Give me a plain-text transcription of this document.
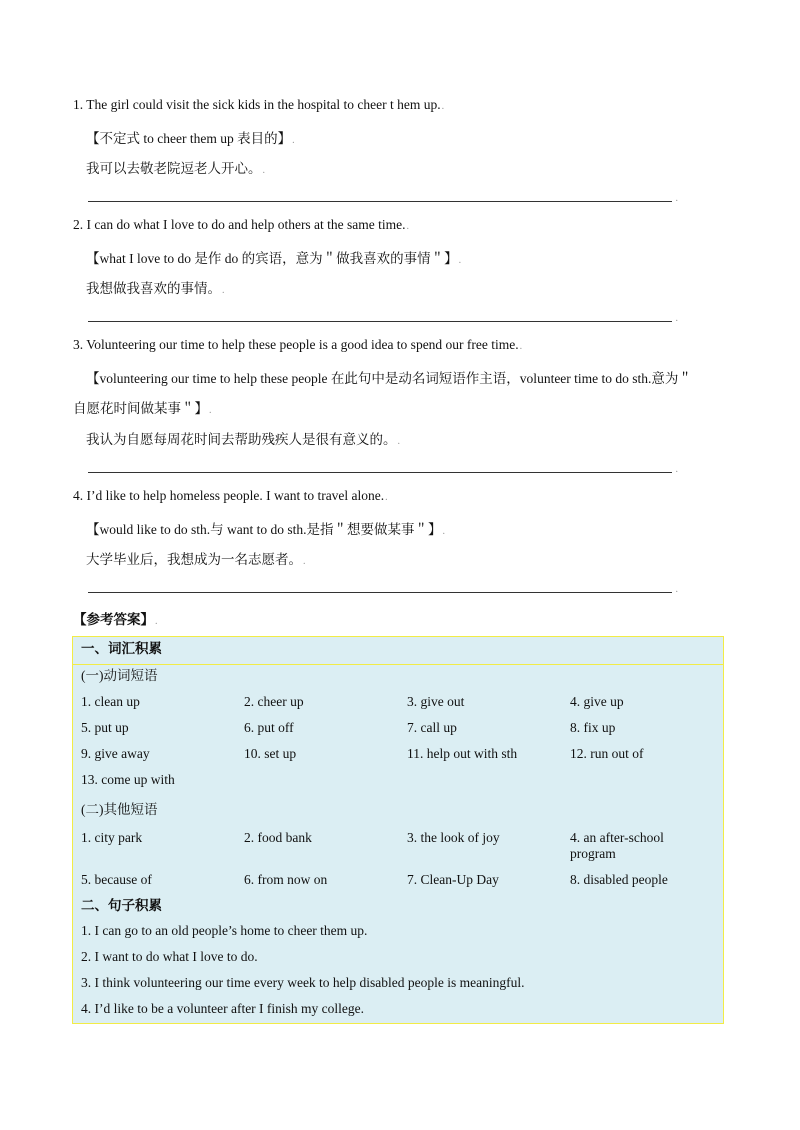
1. The girl could visit the sick kids in the hospital to cheer t hem up..
【不定式 to cheer them up 表目的】.
我可以去敬老院逗老人开心。.
.
2. I can do what I love to do and help others at the same time..
【what I love to do 是作 do 的宾语，意为＂做我喜欢的事情＂】.
我想做我喜欢的事情。.
.
3. Volunteering our time to help these people is a good idea to spend our free time..
【volunteering our time to help these people 在此句中是动名词短语作主语，volunteer time to do sth.意为＂
自愿花时间做某事＂】.
我认为自愿每周花时间去帮助残疾人是很有意义的。.
.
4. I’d like to help homeless people. I want to travel alone..
【would like to do sth.与 want to do sth.是指＂想要做某事＂】.
大学毕业后，我想成为一名志愿者。.
.
【参考答案】.
一、词汇积累
(一)动词短语
1. clean up	2. cheer up	3. give out	4. give up
5. put up	6. put off	7. call up	8. fix up
9. give away	10. set up	11. help out with sth	12. run out of
13. come up with
(二)其他短语
1. city park	2. food bank	3. the look of joy	4. an after-school
program
5. because of	6. from now on	7. Clean-Up Day	8. disabled people
二、句子积累
1. I can go to an old people’s home to cheer them up.
2. I want to do what I love to do.
3. I think volunteering our time every week to help disabled people is meaningful.
4. I’d like to be a volunteer after I finish my college.
